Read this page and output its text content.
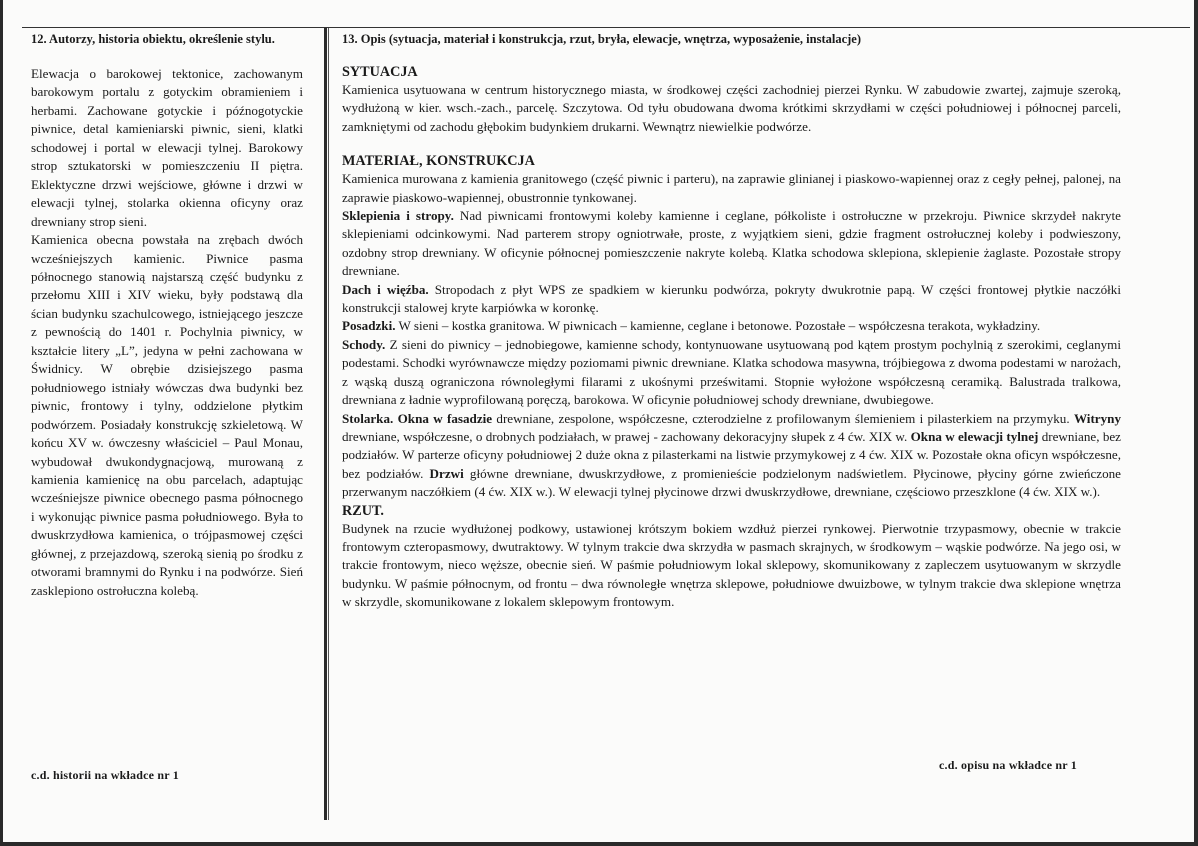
12. Autorzy, historia obiektu, określenie stylu.

Elewacja o barokowej tektonice, zachowanym barokowym portalu z gotyckim obramieniem i herbami. Zachowane gotyckie i późnogotyckie piwnice, detal kamieniarski piwnic, sieni, klatki schodowej i portal w elewacji tylnej. Barokowy strop sztukatorski w pomieszczeniu II piętra. Eklektyczne drzwi wejściowe, główne i drzwi w elewacji tylnej, stolarka okienna oficyny oraz drewniany strop sieni.

Kamienica obecna powstała na zrębach dwóch wcześniejszych kamienic. Piwnice pasma północnego stanowią najstarszą część budynku z przełomu XIII i XIV wieku, były podstawą dla ścian budynku szachulcowego, istniejącego jeszcze z pewnością do 1401 r. Pochylnia piwnicy, w kształcie litery „L”, jedyna w pełni zachowana w Świdnicy. W obrębie dzisiejszego pasma południowego istniały wówczas dwa budynki bez piwnic, frontowy i tylny, oddzielone płytkim podwórzem. Posiadały konstrukcję szkieletową. W końcu XV w. ówczesny właściciel – Paul Monau, wybudował dwukondygnacjową, murowaną z kamienia kamienicę na obu parcelach, adaptując wcześniejsze piwnice obecnego pasma północnego i wykonując piwnice pasma południowego. Była to dwuskrzydłowa kamienica, o trójpasmowej części głównej, z przejazdową, szeroką sienią po środku z otworami bramnymi do Rynku i na podwórze. Sień zasklepiono ostrołuczna kolebą.

13. Opis (sytuacja, materiał i konstrukcja, rzut, bryła, elewacje, wnętrza, wyposażenie, instalacje)

SYTUACJA

Kamienica usytuowana w centrum historycznego miasta, w środkowej części zachodniej pierzei Rynku. W zabudowie zwartej, zajmuje szeroką, wydłużoną w kier. wsch.-zach., parcelę. Szczytowa. Od tyłu obudowana dwoma krótkimi skrzydłami w części południowej i północnej parceli, zamkniętymi od zachodu głębokim budynkiem drukarni. Wewnątrz niewielkie podwórze.

MATERIAŁ, KONSTRUKCJA

Kamienica murowana z kamienia granitowego (część piwnic i parteru), na zaprawie glinianej i piaskowo-wapiennej oraz z cegły pełnej, palonej, na zaprawie piaskowo-wapiennej, obustronnie tynkowanej.

Sklepienia i stropy. Nad piwnicami frontowymi koleby kamienne i ceglane, półkoliste i ostrołuczne w przekroju. Piwnice skrzydeł nakryte sklepieniami odcinkowymi. Nad parterem stropy ogniotrwałe, proste, z wyjątkiem sieni, gdzie fragment ostrołucznej koleby i podwieszony, ozdobny strop drewniany. W oficynie północnej pomieszczenie nakryte kolebą. Klatka schodowa sklepiona, sklepienie żaglaste. Pozostałe stropy drewniane.

Dach i więźba. Stropodach z płyt WPS ze spadkiem w kierunku podwórza, pokryty dwukrotnie papą. W części frontowej płytkie naczółki konstrukcji stalowej kryte karpiówka w koronkę.

Posadzki. W sieni – kostka granitowa. W piwnicach – kamienne, ceglane i betonowe. Pozostałe – współczesna terakota, wykładziny.

Schody. Z sieni do piwnicy – jednobiegowe, kamienne schody, kontynuowane usytuowaną pod kątem prostym pochylnią z szerokimi, ceglanymi podestami. Schodki wyrównawcze między poziomami piwnic drewniane. Klatka schodowa masywna, trójbiegowa z dwoma podestami w narożach, z wąską duszą ograniczona równoległymi filarami z ukośnymi prześwitami. Stopnie wyłożone współczesną ceramiką. Balustrada tralkowa, drewniana z ładnie wyprofilowaną poręczą, barokowa. W oficynie południowej schody drewniane, dwubiegowe.

Stolarka. Okna w fasadzie drewniane, zespolone, współczesne, czterodzielne z profilowanym ślemieniem i pilasterkiem na przymyku. Witryny drewniane, współczesne, o drobnych podziałach, w prawej - zachowany dekoracyjny słupek z 4 ćw. XIX w. Okna w elewacji tylnej drewniane, bez podziałów. W parterze oficyny południowej 2 duże okna z pilasterkami na listwie przymykowej z 4 ćw. XIX w. Pozostałe okna oficyn współczesne, bez podziałów. Drzwi główne drewniane, dwuskrzydłowe, z promienieście podzielonym nadświetlem. Płycinowe, płyciny górne zwieńczone przerwanym naczółkiem (4 ćw. XIX w.). W elewacji tylnej płycinowe drzwi dwuskrzydłowe, drewniane, częściowo przeszklone (4 ćw. XIX w.).

RZUT.

Budynek na rzucie wydłużonej podkowy, ustawionej krótszym bokiem wzdłuż pierzei rynkowej. Pierwotnie trzypasmowy, obecnie w trakcie frontowym czteropasmowy, dwutraktowy. W tylnym trakcie dwa skrzydła w pasmach skrajnych, w środkowym – wąskie podwórze. Na jego osi, w trakcie frontowym, nieco węższe, obecnie sień. W paśmie południowym lokal sklepowy, skomunikowany z zapleczem usytuowanym w skrzydle budynku. W paśmie północnym, od frontu – dwa równoległe wnętrza sklepowe, południowe dwuizbowe, w tylnym trakcie dwa sklepione wnętrza w skrzydle, skomunikowane z lokalem sklepowym frontowym.

c.d. historii na wkładce nr 1
c.d. opisu na wkładce nr 1
